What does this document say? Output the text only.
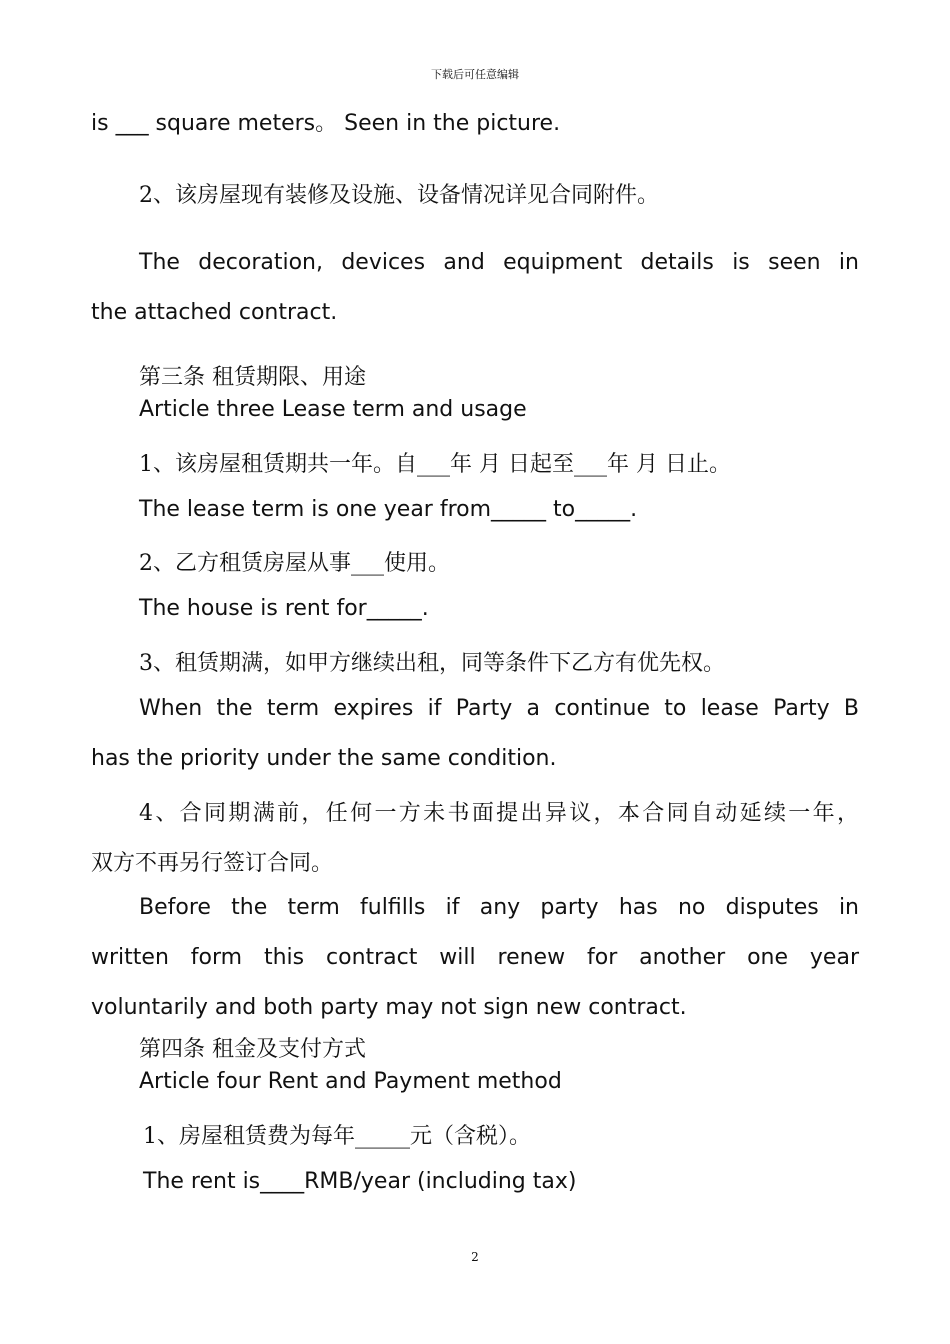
下载后可任意编辑

is ___ square meters。 Seen in the picture.

2、该房屋现有装修及设施、设备情况详见合同附件。

The decoration, devices and equipment details is seen in

the attached contract.

第三条 租赁期限、用途

Article three Lease term and usage

1、该房屋租赁期共一年。自___年 月 日起至___年 月 日止。

The lease term is one year from_____ to_____.

2、乙方租赁房屋从事___使用。

The house is rent for_____.

3、租赁期满，如甲方继续出租，同等条件下乙方有优先权。

When the term expires if Party a continue to lease Party B

has the priority under the same condition.

4、合同期满前，任何一方未书面提出异议，本合同自动延续一年，

双方不再另行签订合同。

Before the term fulfills if any party has no disputes in

written form this contract will renew for another one year

voluntarily and both party may not sign new contract.

第四条 租金及支付方式

Article four Rent and Payment method

1、房屋租赁费为每年_____元（含税）。

The rent is____RMB/year (including tax)

2
